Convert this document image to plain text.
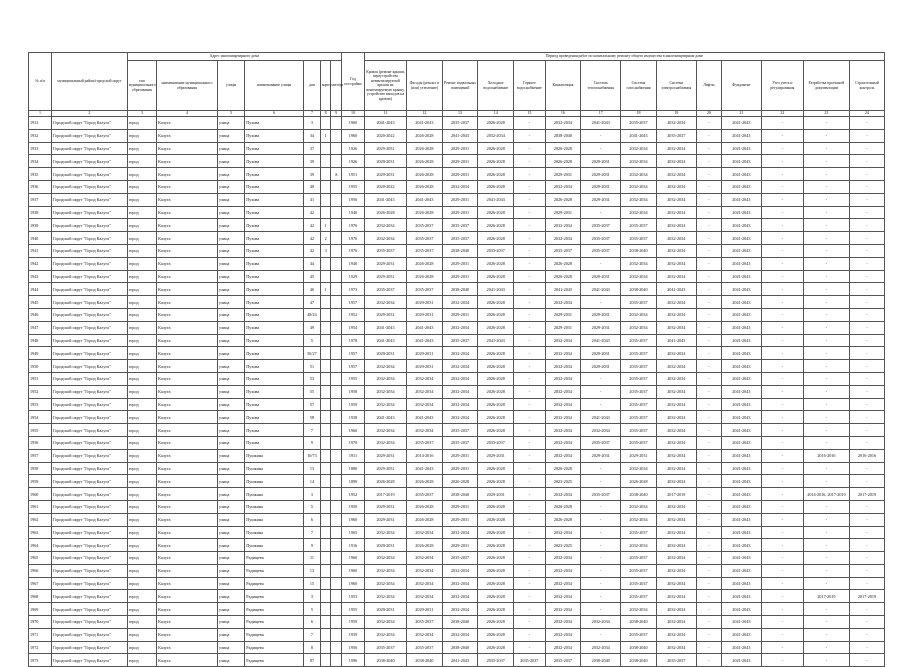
№ п/п	муниципальный район/городской округ	Адрес многоквартирного дома							Год постройки	Период проведения работ по капитальному ремонту общего имущества в многоквартирном доме													
		тип муниципального образования	наименование муниципального образования	улицы	наименование улицы	дом	корпус	литера		Кровля (ремонт крыши, переустройство невентилируемой крыши на вентилируемую крышу, устройство выходов на кровлю)	Фасады (ремонт и (или) утепление)	Ремонт подвальных помещений	Холодное водоснабжение	Горячее водоснабжение	Канализация	Система теплоснабжения	Система газоснабжения	Система электроснабжения	Лифты	Фундамент	Узел учета и регулирования	Разработка проектной документации	Строительный контроль
1	2	3	4	5	6	7	8	9	10	11	12	13	14	15	16	17	18	19	20	21	22	23	24
1931	Городской округ "Город Калуга"	город	Калуга	улица	Пухова	3			1960	2041-2043	2041-2043	2035-2037	2026-2028	-	2032-2034	2041-2043	2035-2037	2032-2034	-	2041-2043	-	-	-
1932	Городской округ "Город Калуга"	город	Калуга	улица	Пухова	34	1		1960	2020-2022	2026-2028	2041-2043	2032-2034	-	2038-2040	-	2041-2043	2035-2037	-	2041-2043	-	-	-
1933	Городской округ "Город Калуга"	город	Калуга	улица	Пухова	37			1926	2029-2031	2026-2028	2029-2031	2026-2028	-	2026-2028	-	2032-2034	2032-2034	-	2041-2043	-	-	-
1934	Городской округ "Город Калуга"	город	Калуга	улица	Пухова	39			1926	2029-2031	2026-2028	2029-2031	2026-2028	-	2026-2028	2029-2031	2032-2034	2032-2034	-	2041-2043	-	-	-
1935	Городской округ "Город Калуга"	город	Калуга	улица	Пухова	39		А	1951	2029-2031	2026-2028	2029-2031	2026-2028	-	2029-2031	2029-2031	2032-2034	2032-2034	-	2041-2043	-	-	-
1936	Городской округ "Город Калуга"	город	Калуга	улица	Пухова	40			1955	2020-2022	2026-2028	2032-2034	2026-2028	-	2032-2034	2029-2031	2032-2034	2032-2034	-	2041-2043	-	-	-
1937	Городской округ "Город Калуга"	город	Калуга	улица	Пухова	41			1956	2041-2043	2041-2043	2029-2031	2041-2043	-	2026-2028	2029-2031	2032-2034	2032-2034	-	2041-2043	-	-	-
1938	Городской округ "Город Калуга"	город	Калуга	улица	Пухова	42			1940	2026-2028	2026-2028	2029-2031	2026-2028	-	2029-2031	-	2032-2034	2032-2034	-	2041-2043	-	-	-
1939	Городской округ "Город Калуга"	город	Калуга	улица	Пухова	42	1		1976	2032-2034	2035-2037	2035-2037	2026-2028	-	2032-2034	2035-2037	2035-2037	2032-2034	-	2041-2043	-	-	-
1940	Городской округ "Город Калуга"	город	Калуга	улица	Пухова	42	2		1976	2032-2034	2035-2037	2035-2037	2026-2028	-	2032-2034	2035-2037	2035-2037	2032-2034	-	2041-2043	-	-	-
1941	Городской округ "Город Калуга"	город	Калуга	улица	Пухова	42	3		1976	2035-2037	2035-2037	2038-2040	2035-2037	-	2035-2037	2035-2037	2038-2040	2032-2034	-	2041-2043	-	-	-
1942	Городской округ "Город Калуга"	город	Калуга	улица	Пухова	44			1940	2029-2031	2026-2028	2029-2031	2026-2028	-	2026-2028	-	2032-2034	2032-2034	-	2041-2043	-	-	-
1943	Городской округ "Город Калуга"	город	Калуга	улица	Пухова	45			1929	2029-2031	2026-2028	2029-2031	2026-2028	-	2026-2028	2029-2031	2032-2034	2032-2034	-	2041-2043	-	-	-
1944	Городской округ "Город Калуга"	город	Калуга	улица	Пухова	46	1		1973	2035-2037	2035-2037	2038-2040	2041-2043	-	2041-2043	2041-2043	2038-2040	2041-2043	-	2041-2043	-	-	-
1945	Городской округ "Город Калуга"	город	Калуга	улица	Пухова	47			1957	2032-2034	2029-2031	2032-2034	2026-2028	-	2032-2034	-	2035-2037	2032-2034	-	2041-2043	-	-	-
1946	Городской округ "Город Калуга"	город	Калуга	улица	Пухова	48/24			1952	2029-2031	2029-2031	2029-2031	2026-2028	-	2029-2031	2029-2031	2032-2034	2032-2034	-	2041-2043	-	-	-
1947	Городской округ "Город Калуга"	город	Калуга	улица	Пухова	49			1954	2041-2043	2041-2043	2032-2034	2026-2028	-	2029-2031	2029-2031	2032-2034	2032-2034	-	2041-2043	-	-	-
1948	Городской округ "Город Калуга"	город	Калуга	улица	Пухова	5			1978	2041-2043	2041-2043	2035-2037	2041-2043	-	2032-2034	2041-2043	2035-2037	2041-2043	-	2041-2043	-	-	-
1949	Городской округ "Город Калуга"	город	Калуга	улица	Пухова	50/27			1957	2029-2031	2029-2031	2032-2034	2026-2028	-	2032-2034	2029-2031	2035-2037	2032-2034	-	2041-2043	-	-	-
1950	Городской округ "Город Калуга"	город	Калуга	улица	Пухова	51			1957	2032-2034	2029-2031	2032-2034	2026-2028	-	2032-2034	2029-2031	2035-2037	2032-2034	-	2041-2043	-	-	-
1951	Городской округ "Город Калуга"	город	Калуга	улица	Пухова	53			1955	2032-2034	2032-2034	2032-2034	2026-2028	-	2032-2034	-	2035-2037	2032-2034	-	2041-2043	-	-	-
1952	Городской округ "Город Калуга"	город	Калуга	улица	Пухова	55			1958	2032-2034	2032-2034	2032-2034	2026-2028	-	2032-2034	-	2035-2037	2032-2034	-	2041-2043	-	-	-
1953	Городской округ "Город Калуга"	город	Калуга	улица	Пухова	57			1959	2032-2034	2032-2034	2032-2034	2026-2028	-	2032-2034	-	2035-2037	2032-2034	-	2041-2043	-	-	-
1954	Городской округ "Город Калуга"	город	Калуга	улица	Пухова	58			1938	2041-2043	2041-2043	2032-2034	2026-2028	-	2032-2034	2041-2043	2035-2037	2032-2034	-	2041-2043	-	-	-
1955	Городской округ "Город Калуга"	город	Калуга	улица	Пухова	7			1960	2032-2034	2032-2034	2035-2037	2026-2028	-	2032-2034	2032-2034	2035-2037	2032-2034	-	2041-2043	-	-	-
1956	Городской округ "Город Калуга"	город	Калуга	улица	Пухова	9			1970	2032-2034	2035-2037	2035-2037	2035-2037	-	2032-2034	2035-2037	2035-2037	2032-2034	-	2041-2043	-	-	-
1957	Городской округ "Город Калуга"	город	Калуга	улица	Пушкина	10/73			1911	2029-2031	2014-2016	2029-2031	2029-2031	-	2032-2034	2029-2031	2029-2031	2032-2034	-	2041-2043	-	2016-2016	2016-2016
1958	Городской округ "Город Калуга"	город	Калуга	улица	Пушкина	13			1880	2029-2031	2041-2043	2029-2031	2026-2028	-	2026-2028	-	2032-2034	2032-2034	-	2041-2043	-	-	-
1959	Городской округ "Город Калуга"	город	Калуга	улица	Пушкина	14			1890	2026-2028	2026-2028	2026-2028	2026-2028	-	2023-2025	-	2026-2028	2032-2034	-	2041-2043	-	-	-
1960	Городской округ "Город Калуга"	город	Калуга	улица	Пушкина	3			1952	2017-2019	2035-2037	2038-2040	2029-2031	-	2032-2034	2035-2037	2038-2040	2017-2019	-	2041-2043	-	2014-2016, 2017-2019	2017-2019
1961	Городской округ "Город Калуга"	город	Калуга	улица	Пушкина	5			1950	2029-2031	2026-2028	2029-2031	2026-2028	-	2026-2028	-	2032-2034	2032-2034	-	2041-2043	-	-	-
1962	Городской округ "Город Калуга"	город	Калуга	улица	Пушкина	6			1960	2029-2031	2026-2028	2029-2031	2026-2028	-	2026-2028	-	2032-2034	2032-2034	-	2041-2043	-	-	-
1963	Городской округ "Город Калуга"	город	Калуга	улица	Пушкина	7			1965	2032-2034	2032-2034	2032-2034	2026-2028	-	2032-2034	-	2035-2037	2032-2034	-	2041-2043	-	-	-
1964	Городской округ "Город Калуга"	город	Калуга	улица	Пушкина	9			1916	2029-2031	2026-2028	2029-2031	2026-2028	-	2023-2025	-	2032-2034	2032-2034	-	2041-2043	-	-	-
1965	Городской округ "Город Калуга"	город	Калуга	улица	Радищева	11			1960	2032-2034	2032-2034	2035-2037	2026-2028	-	2032-2034	-	2035-2037	2032-2034	-	2041-2043	-	-	-
1966	Городской округ "Город Калуга"	город	Калуга	улица	Радищева	13			1960	2032-2034	2032-2034	2032-2034	2026-2028	-	2032-2034	-	2035-2037	2032-2034	-	2041-2043	-	-	-
1967	Городской округ "Город Калуга"	город	Калуга	улица	Радищева	15			1960	2032-2034	2032-2034	2032-2034	2026-2028	-	2032-2034	-	2035-2037	2032-2034	-	2041-2043	-	-	-
1968	Городской округ "Город Калуга"	город	Калуга	улица	Радищева	3			1953	2032-2034	2032-2034	2032-2034	2026-2028	-	2032-2034	-	2035-2037	2032-2034	-	2041-2043	-	2017-2019	2017-2019
1969	Городской округ "Город Калуга"	город	Калуга	улица	Радищева	5			1955	2029-2031	2029-2031	2032-2034	2026-2028	-	2032-2034	-	2032-2034	2032-2034	-	2041-2043	-	-	-
1970	Городской округ "Город Калуга"	город	Калуга	улица	Радищева	6			1959	2032-2034	2035-2037	2038-2040	2026-2028	-	2032-2034	2032-2034	2038-2040	2032-2034	-	2041-2043	-	-	-
1971	Городской округ "Город Калуга"	город	Калуга	улица	Радищева	7			1939	2032-2034	2032-2034	2032-2034	2026-2028	-	2032-2034	-	2035-2037	2032-2034	-	2041-2043	-	-	-
1972	Городской округ "Город Калуга"	город	Калуга	улица	Радищева	8			1956	2035-2037	2035-2037	2038-2040	2026-2028	-	2032-2034	2032-2034	2038-2040	2032-2034	-	2041-2043	-	-	-
1973	Городской округ "Город Калуга"	город	Калуга	улица	Радищева	87			1996	2038-2040	2038-2040	2041-2043	2035-2037	2035-2037	2035-2037	2038-2040	2038-2040	2035-2037	-	2041-2043	-	-	-
